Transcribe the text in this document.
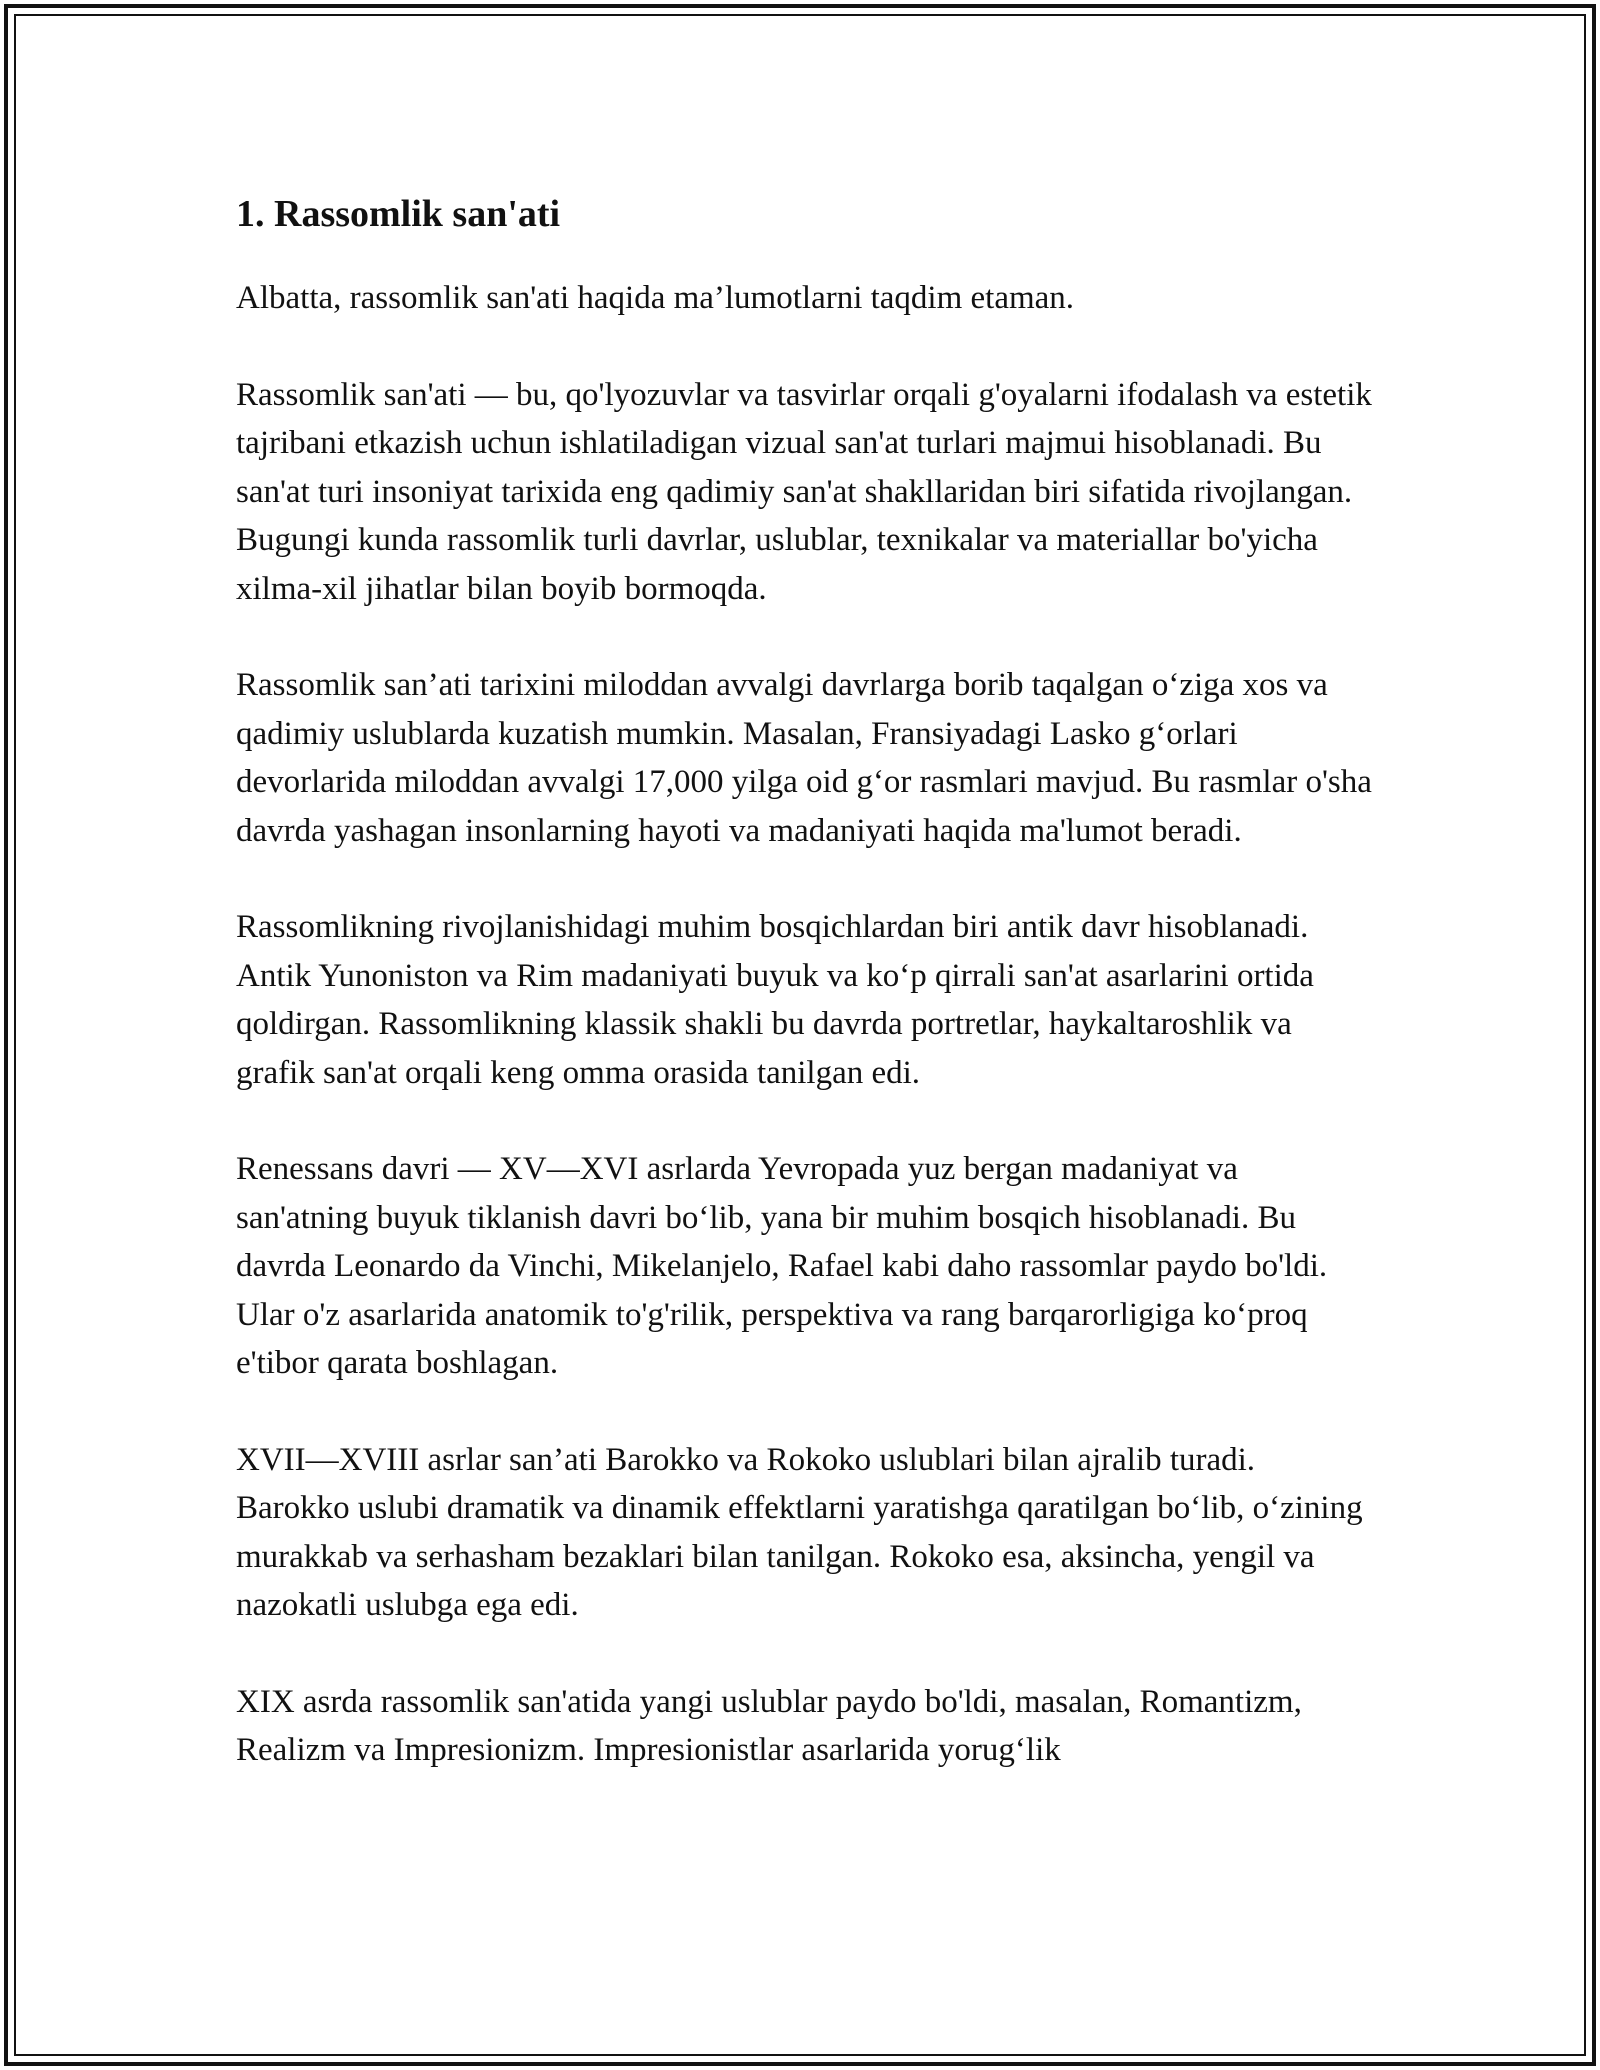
1. Rassomlik san'ati

Albatta, rassomlik san'ati haqida ma’lumotlarni taqdim etaman.

Rassomlik san'ati — bu, qo'lyozuvlar va tasvirlar orqali g'oyalarni ifodalash va estetik tajribani etkazish uchun ishlatiladigan vizual san'at turlari majmui hisoblanadi. Bu san'at turi insoniyat tarixida eng qadimiy san'at shakllaridan biri sifatida rivojlangan. Bugungi kunda rassomlik turli davrlar, uslublar, texnikalar va materiallar bo'yicha xilma-xil jihatlar bilan boyib bormoqda.

Rassomlik san’ati tarixini miloddan avvalgi davrlarga borib taqalgan o‘ziga xos va qadimiy uslublarda kuzatish mumkin. Masalan, Fransiyadagi Lasko g‘orlari devorlarida miloddan avvalgi 17,000 yilga oid g‘or rasmlari mavjud. Bu rasmlar o'sha davrda yashagan insonlarning hayoti va madaniyati haqida ma'lumot beradi.

Rassomlikning rivojlanishidagi muhim bosqichlardan biri antik davr hisoblanadi. Antik Yunoniston va Rim madaniyati buyuk va ko‘p qirrali san'at asarlarini ortida qoldirgan. Rassomlikning klassik shakli bu davrda portretlar, haykaltaroshlik va grafik san'at orqali keng omma orasida tanilgan edi.

Renessans davri — XV—XVI asrlarda Yevropada yuz bergan madaniyat va san'atning buyuk tiklanish davri bo‘lib, yana bir muhim bosqich hisoblanadi. Bu davrda Leonardo da Vinchi, Mikelanjelo, Rafael kabi daho rassomlar paydo bo'ldi. Ular o'z asarlarida anatomik to'g'rilik, perspektiva va rang barqarorligiga ko‘proq e'tibor qarata boshlagan.

XVII—XVIII asrlar san’ati Barokko va Rokoko uslublari bilan ajralib turadi. Barokko uslubi dramatik va dinamik effektlarni yaratishga qaratilgan bo‘lib, o‘zining murakkab va serhasham bezaklari bilan tanilgan. Rokoko esa, aksincha, yengil va nazokatli uslubga ega edi.

XIX asrda rassomlik san'atida yangi uslublar paydo bo'ldi, masalan, Romantizm, Realizm va Impresionizm. Impresionistlar asarlarida yorug‘lik
